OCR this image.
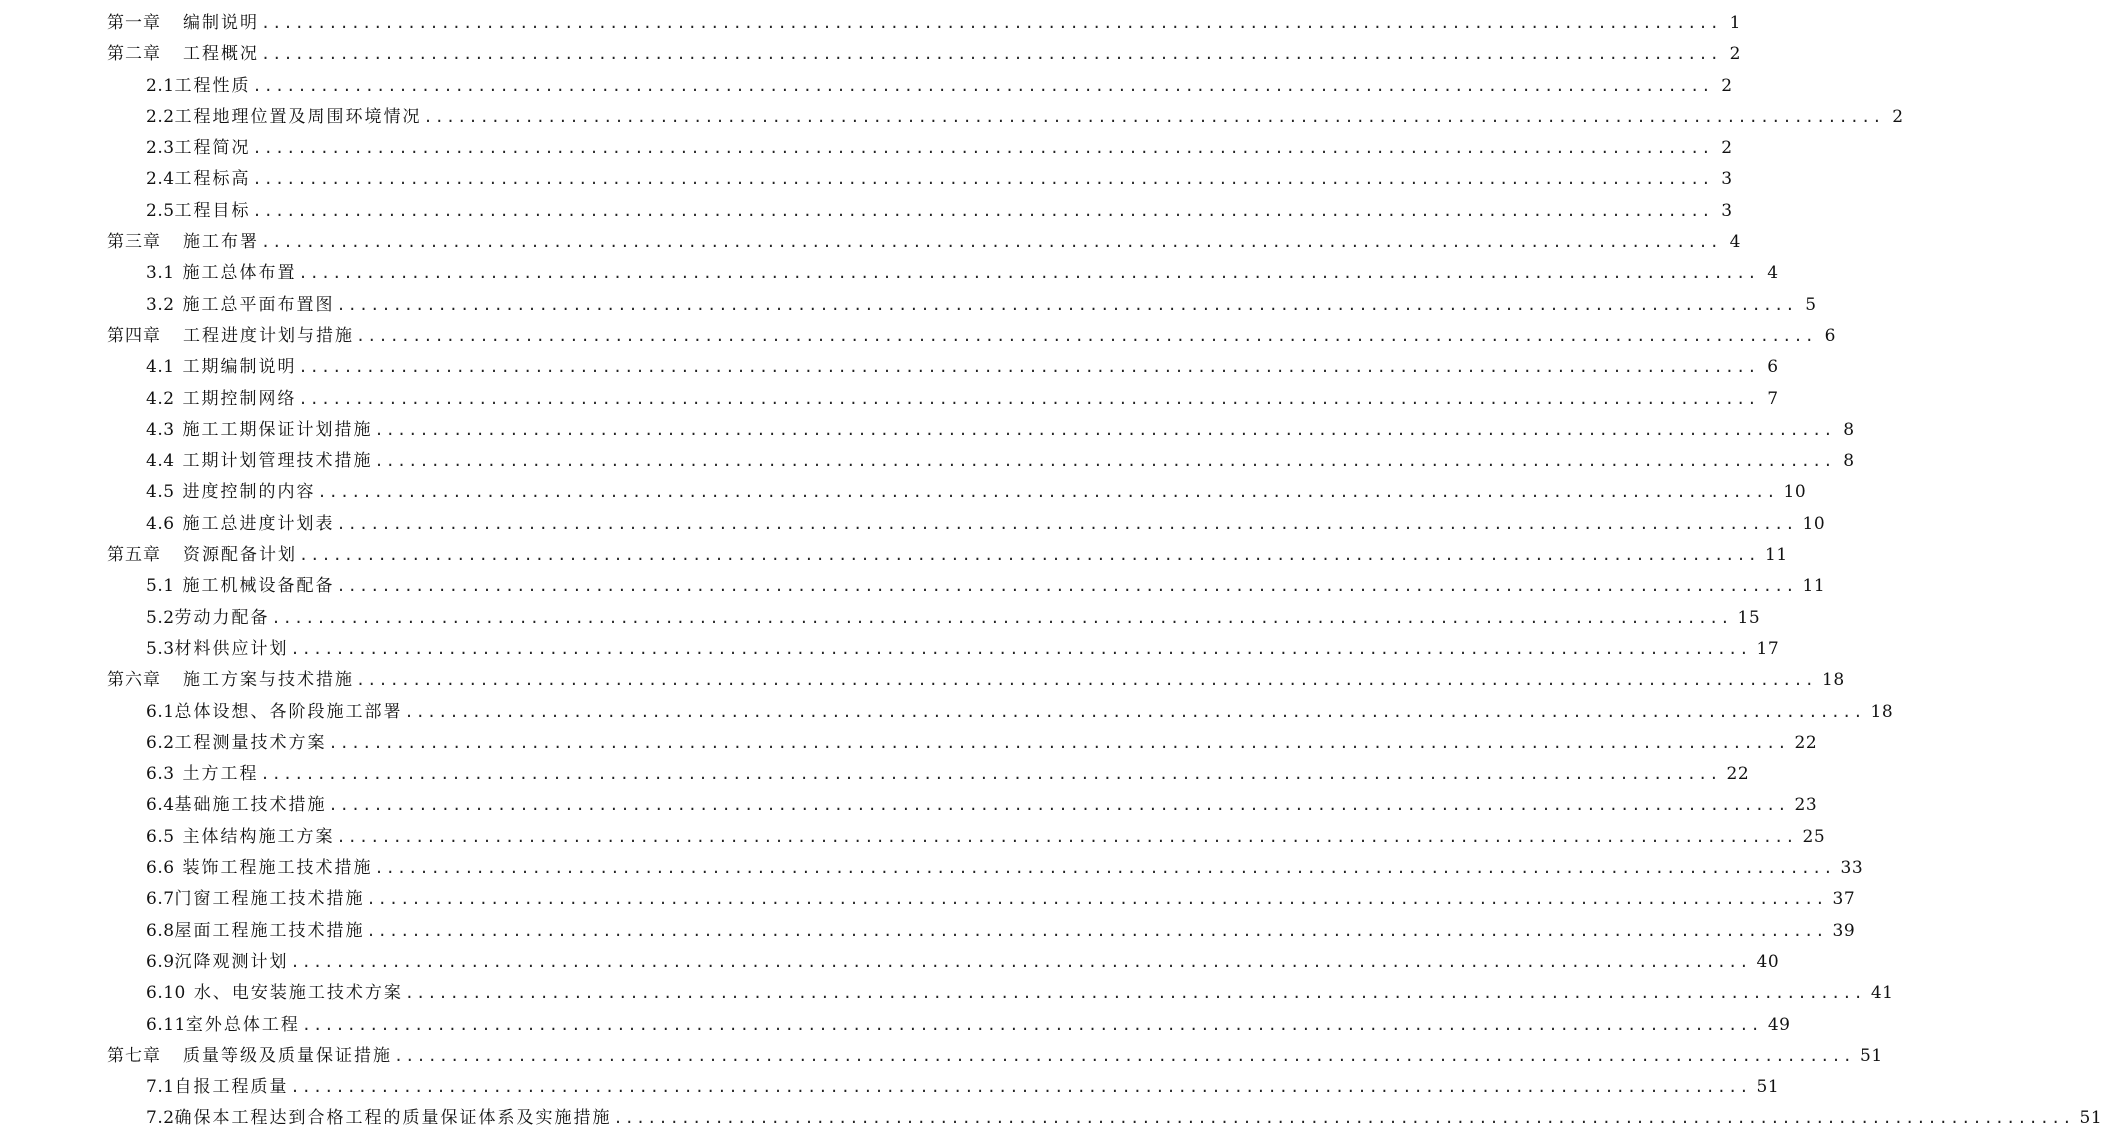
第一章 编制说明 .................................................................................................................................. 1
第二章 工程概况 .................................................................................................................................. 2
2.1 工程性质 .................................................................................................................................. 2
2.2 工程地理位置及周围环境情况 .................................................................................................................................. 2
2.3 工程简况 .................................................................................................................................. 2
2.4 工程标高 .................................................................................................................................. 3
2.5 工程目标 .................................................................................................................................. 3
第三章 施工布署 .................................................................................................................................. 4
3.1 施工总体布置 .................................................................................................................................. 4
3.2 施工总平面布置图 .................................................................................................................................. 5
第四章 工程进度计划与措施 .................................................................................................................................. 6
4.1 工期编制说明 .................................................................................................................................. 6
4.2 工期控制网络 .................................................................................................................................. 7
4.3 施工工期保证计划措施 .................................................................................................................................. 8
4.4 工期计划管理技术措施 .................................................................................................................................. 8
4.5 进度控制的内容 .................................................................................................................................. 10
4.6 施工总进度计划表 .................................................................................................................................. 10
第五章 资源配备计划 .................................................................................................................................. 11
5.1 施工机械设备配备 .................................................................................................................................. 11
5.2 劳动力配备 .................................................................................................................................. 15
5.3 材料供应计划 .................................................................................................................................. 17
第六章 施工方案与技术措施 .................................................................................................................................. 18
6.1 总体设想、各阶段施工部署 .................................................................................................................................. 18
6.2 工程测量技术方案 .................................................................................................................................. 22
6.3 土方工程 .................................................................................................................................. 22
6.4 基础施工技术措施 .................................................................................................................................. 23
6.5 主体结构施工方案 .................................................................................................................................. 25
6.6 装饰工程施工技术措施 .................................................................................................................................. 33
6.7 门窗工程施工技术措施 .................................................................................................................................. 37
6.8 屋面工程施工技术措施 .................................................................................................................................. 39
6.9 沉降观测计划 .................................................................................................................................. 40
6.10 水、电安装施工技术方案 .................................................................................................................................. 41
6.11 室外总体工程 .................................................................................................................................. 49
第七章 质量等级及质量保证措施 .................................................................................................................................. 51
7.1 自报工程质量 .................................................................................................................................. 51
7.2 确保本工程达到合格工程的质量保证体系及实施措施 .................................................................................................................................. 51
